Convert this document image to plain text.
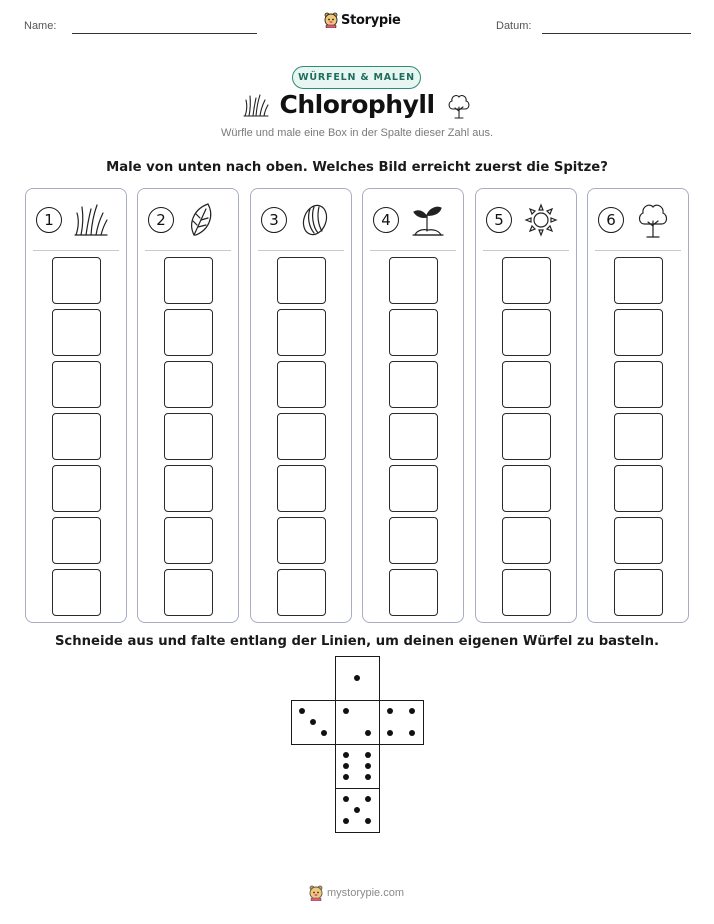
Name:	Storypie	Datum:
WÜRFELN & MALEN
Chlorophyll
Würfle und male eine Box in der Spalte dieser Zahl aus.
Male von unten nach oben. Welches Bild erreicht zuerst die Spitze?
1	2	3	4	5	6
Schneide aus und falte entlang der Linien, um deinen eigenen Würfel zu basteln.
mystorypie.com
